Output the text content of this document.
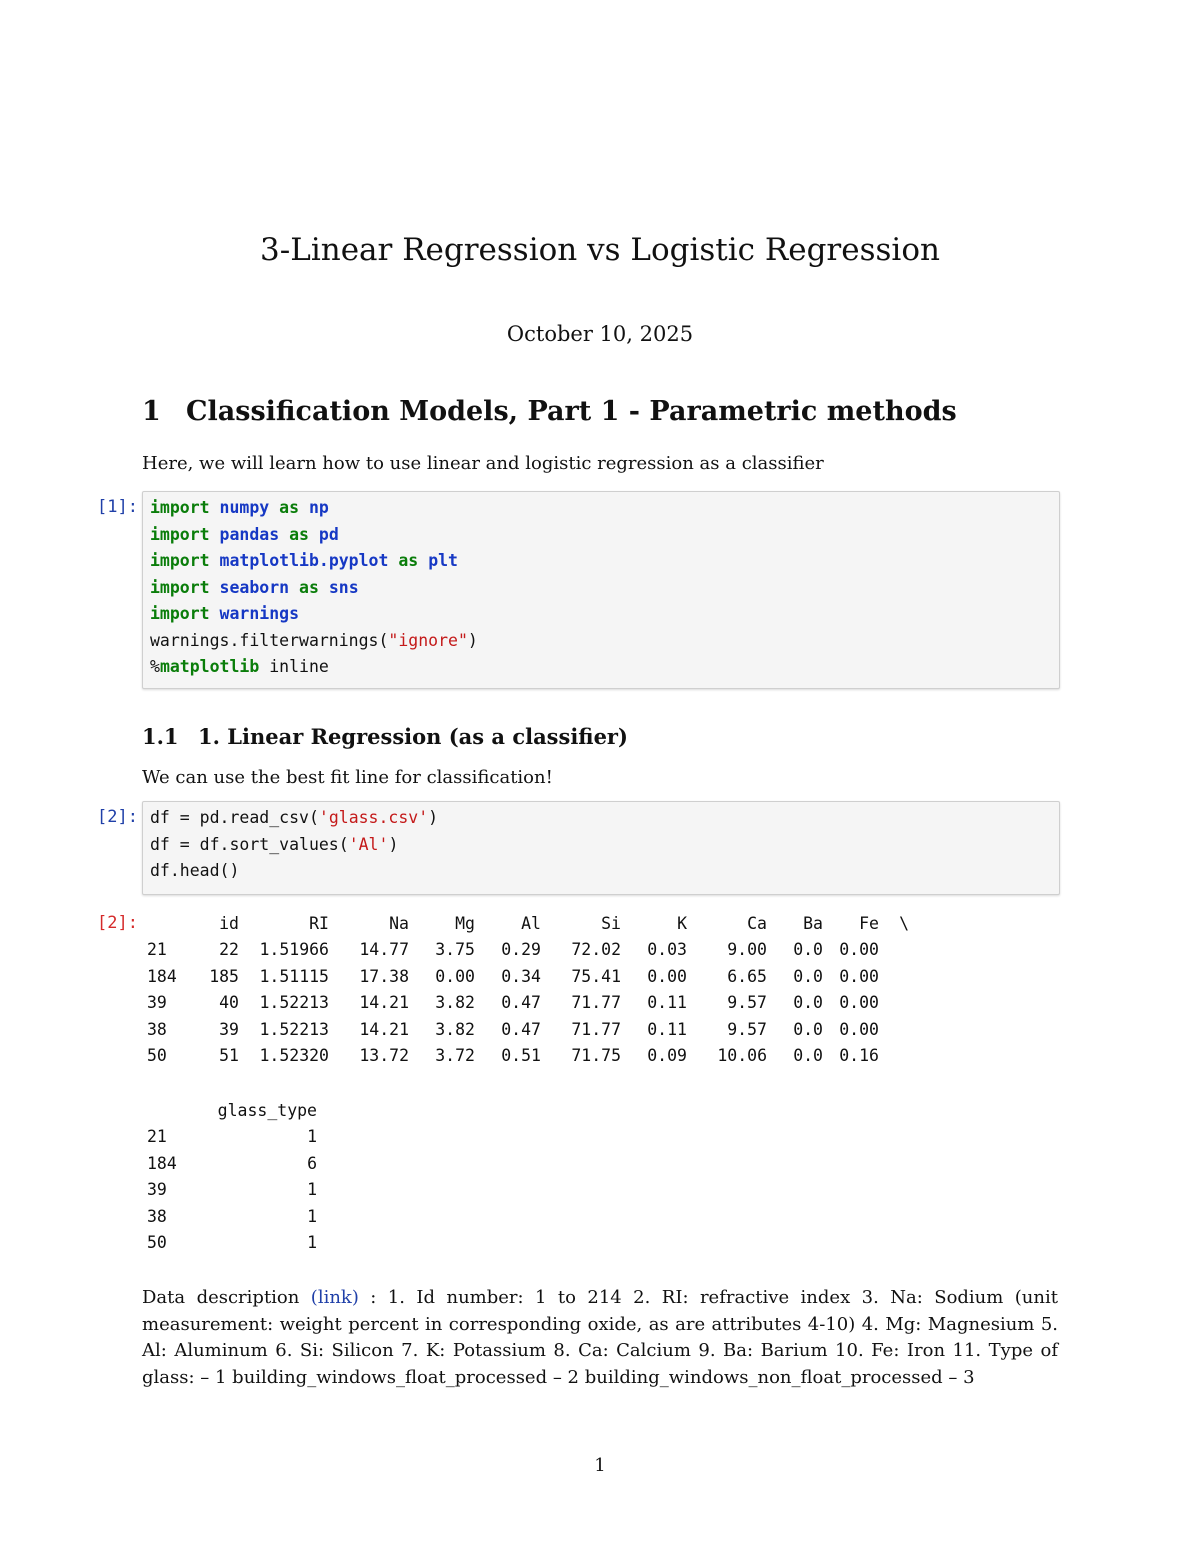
3-Linear Regression vs Logistic Regression
October 10, 2025
1 Classification Models, Part 1 - Parametric methods
Here, we will learn how to use linear and logistic regression as a classifier
[1]: import numpy as np
import pandas as pd
import matplotlib.pyplot as plt
import seaborn as sns
import warnings
warnings.filterwarnings("ignore")
%matplotlib inline
1.1 1. Linear Regression (as a classifier)
We can use the best fit line for classification!
[2]: df = pd.read_csv('glass.csv')
df = df.sort_values('Al')
df.head()
[2]:
		id	RI	Na	Mg	Al	Si	K	Ca	Ba	Fe	\
21	22	1.51966	14.77	3.75	0.29	72.02	0.03	9.00	0.0	0.00	
184	185	1.51115	17.38	0.00	0.34	75.41	0.00	6.65	0.0	0.00	
39	40	1.52213	14.21	3.82	0.47	71.77	0.11	9.57	0.0	0.00	
38	39	1.52213	14.21	3.82	0.47	71.77	0.11	9.57	0.0	0.00	
50	51	1.52320	13.72	3.72	0.51	71.75	0.09	10.06	0.0	0.16	
	glass_type
21	1
184	6
39	1
38	1
50	1
Data description (link) : 1. Id number: 1 to 214 2. RI: refractive index 3. Na: Sodium (unit measurement: weight percent in corresponding oxide, as are attributes 4-10) 4. Mg: Magnesium 5. Al: Aluminum 6. Si: Silicon 7. K: Potassium 8. Ca: Calcium 9. Ba: Barium 10. Fe: Iron 11. Type of glass: – 1 building_windows_float_processed – 2 building_windows_non_float_processed – 3
1
